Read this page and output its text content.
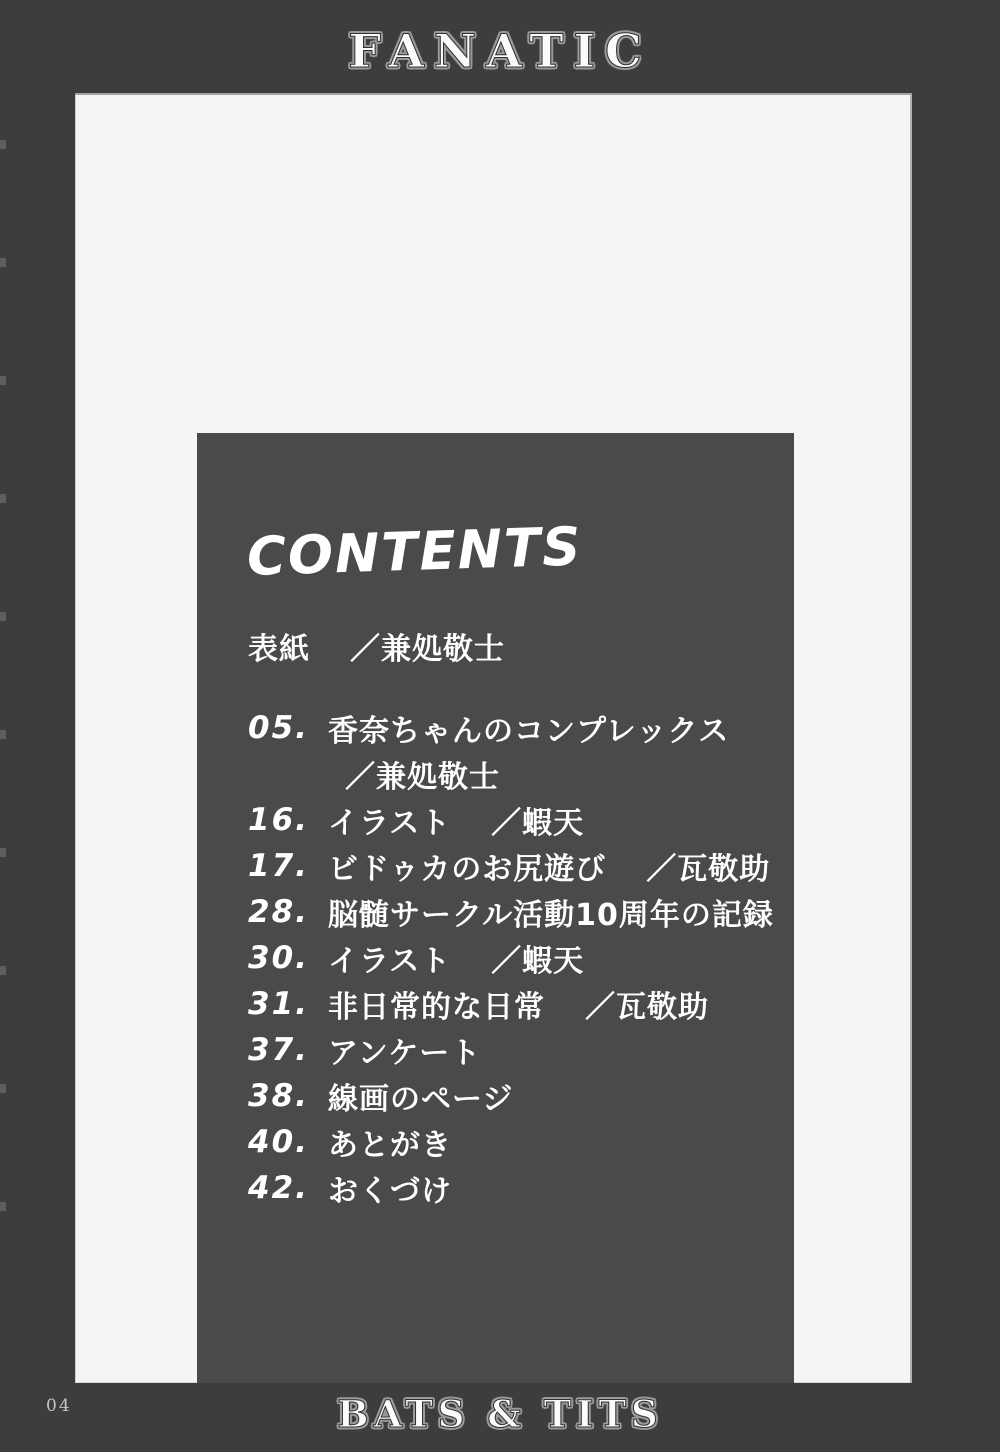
FANATIC
CONTENTS
表紙 ／兼処敬士
05. 香奈ちゃんのコンプレックス
／兼処敬士
16. イラスト ／蝦天
17. ビドゥカのお尻遊び ／瓦敬助
28. 脳髄サークル活動10周年の記録
30. イラスト ／蝦天
31. 非日常的な日常 ／瓦敬助
37. アンケート
38. 線画のページ
40. あとがき
42. おくづけ
04	BATS & TITS
